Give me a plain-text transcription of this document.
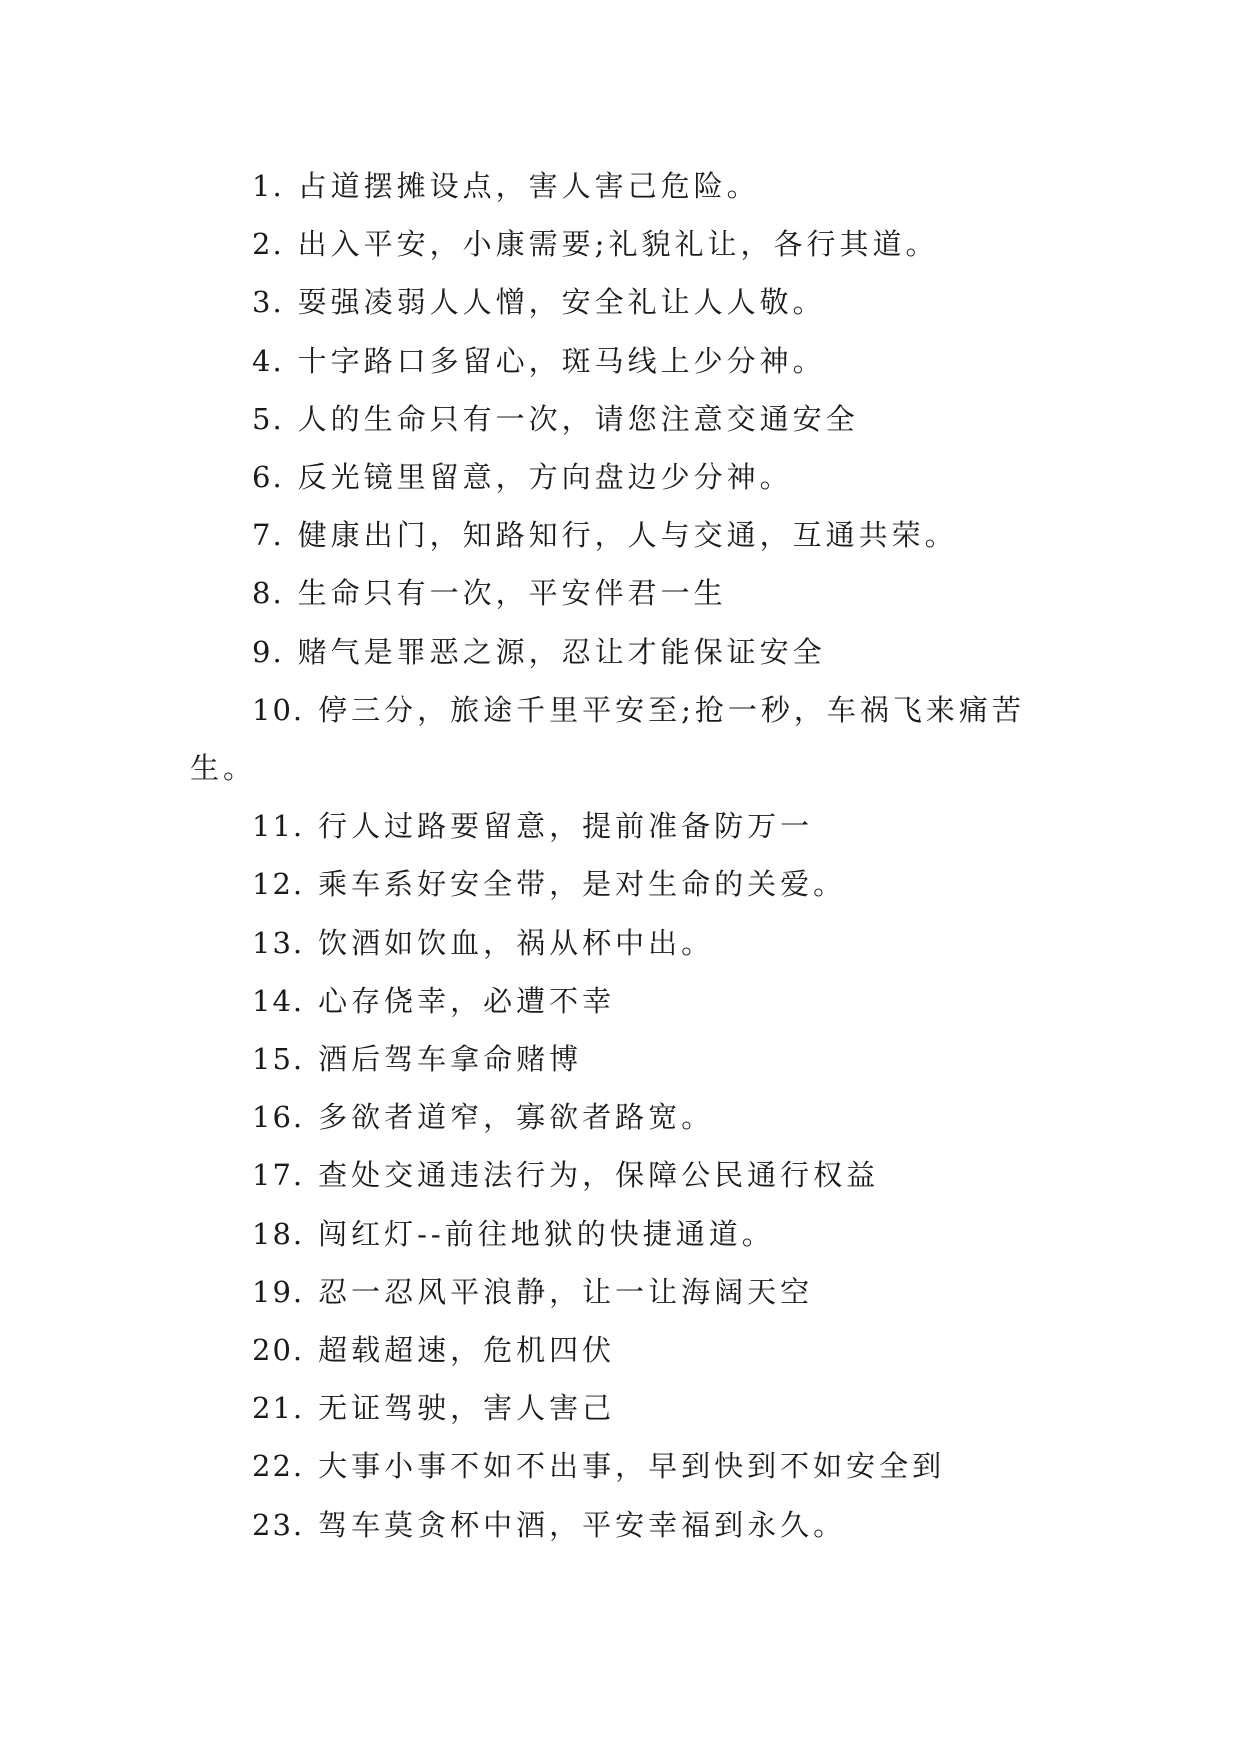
1. 占道摆摊设点，害人害己危险。

2. 出入平安，小康需要;礼貌礼让，各行其道。

3. 耍强凌弱人人憎，安全礼让人人敬。

4. 十字路口多留心，斑马线上少分神。

5. 人的生命只有一次，请您注意交通安全

6. 反光镜里留意，方向盘边少分神。

7. 健康出门，知路知行，人与交通，互通共荣。

8. 生命只有一次，平安伴君一生

9. 赌气是罪恶之源，忍让才能保证安全

10. 停三分，旅途千里平安至;抢一秒，车祸飞来痛苦生。

11. 行人过路要留意，提前准备防万一

12. 乘车系好安全带，是对生命的关爱。

13. 饮酒如饮血，祸从杯中出。

14. 心存侥幸，必遭不幸

15. 酒后驾车拿命赌博

16. 多欲者道窄，寡欲者路宽。

17. 查处交通违法行为，保障公民通行权益

18. 闯红灯--前往地狱的快捷通道。

19. 忍一忍风平浪静，让一让海阔天空

20. 超载超速，危机四伏

21. 无证驾驶，害人害己

22. 大事小事不如不出事，早到快到不如安全到

23. 驾车莫贪杯中酒，平安幸福到永久。
